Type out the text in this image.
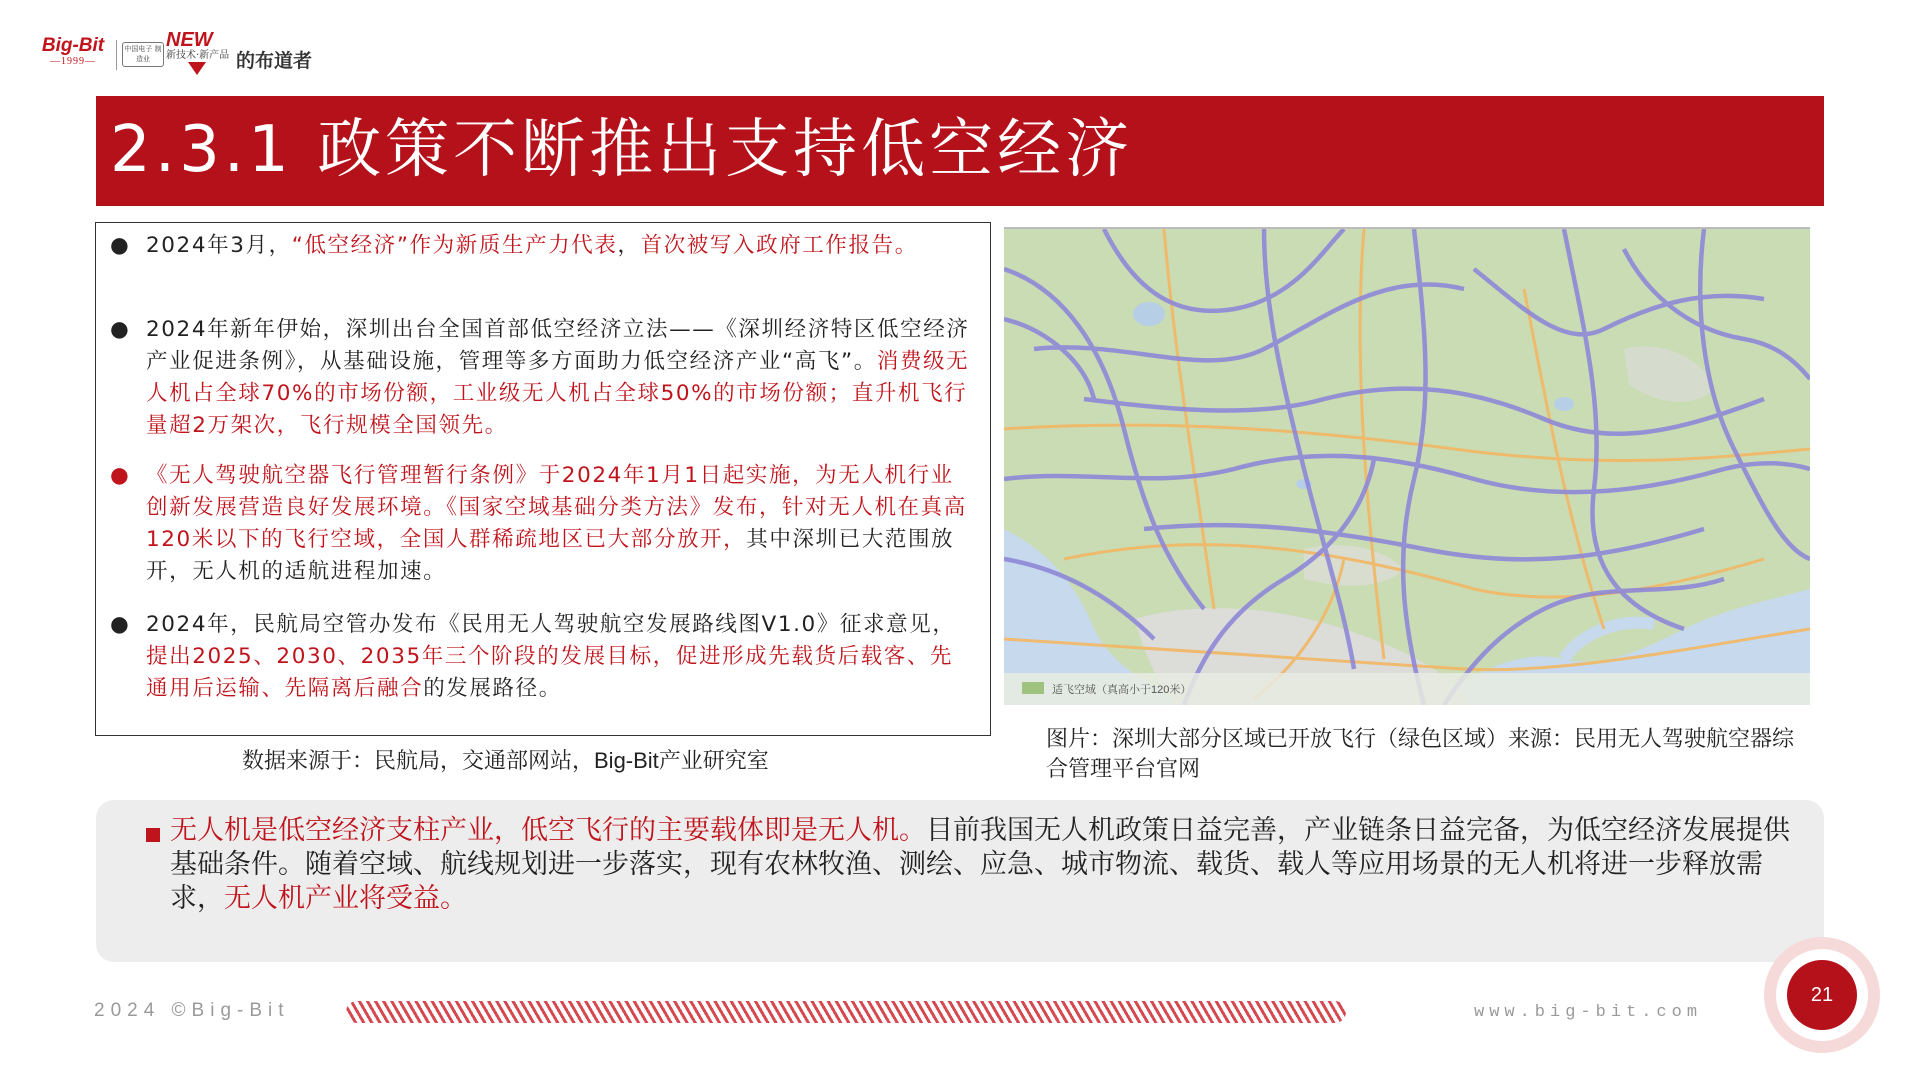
Big-Bit
—1999—
中国电子 制造业
NEW
新技术·新产品 的布道者
2.3.1 政策不断推出支持低空经济
● 2024年3月，“低空经济”作为新质生产力代表，首次被写入政府工作报告。
● 2024年新年伊始，深圳出台全国首部低空经济立法——《深圳经济特区低空经济产业促进条例》，从基础设施，管理等多方面助力低空经济产业“高飞”。消费级无人机占全球70%的市场份额，工业级无人机占全球50%的市场份额；直升机飞行量超2万架次，飞行规模全国领先。
● 《无人驾驶航空器飞行管理暂行条例》于2024年1月1日起实施，为无人机行业创新发展营造良好发展环境。《国家空域基础分类方法》发布，针对无人机在真高120米以下的飞行空域，全国人群稀疏地区已大部分放开，其中深圳已大范围放开，无人机的适航进程加速。
● 2024年，民航局空管办发布《民用无人驾驶航空发展路线图V1.0》征求意见，提出2025、2030、2035年三个阶段的发展目标，促进形成先载货后载客、先通用后运输、先隔离后融合的发展路径。
数据来源于：民航局，交通部网站，Big-Bit产业研究室
适飞空域（真高小于120米）
图片：深圳大部分区域已开放飞行（绿色区域）来源：民用无人驾驶航空器综合管理平台官网
无人机是低空经济支柱产业，低空飞行的主要载体即是无人机。目前我国无人机政策日益完善，产业链条日益完备，为低空经济发展提供基础条件。随着空域、航线规划进一步落实，现有农林牧渔、测绘、应急、城市物流、载货、载人等应用场景的无人机将进一步释放需求，无人机产业将受益。
2024 ©Big-Bit	www.big-bit.com
21
